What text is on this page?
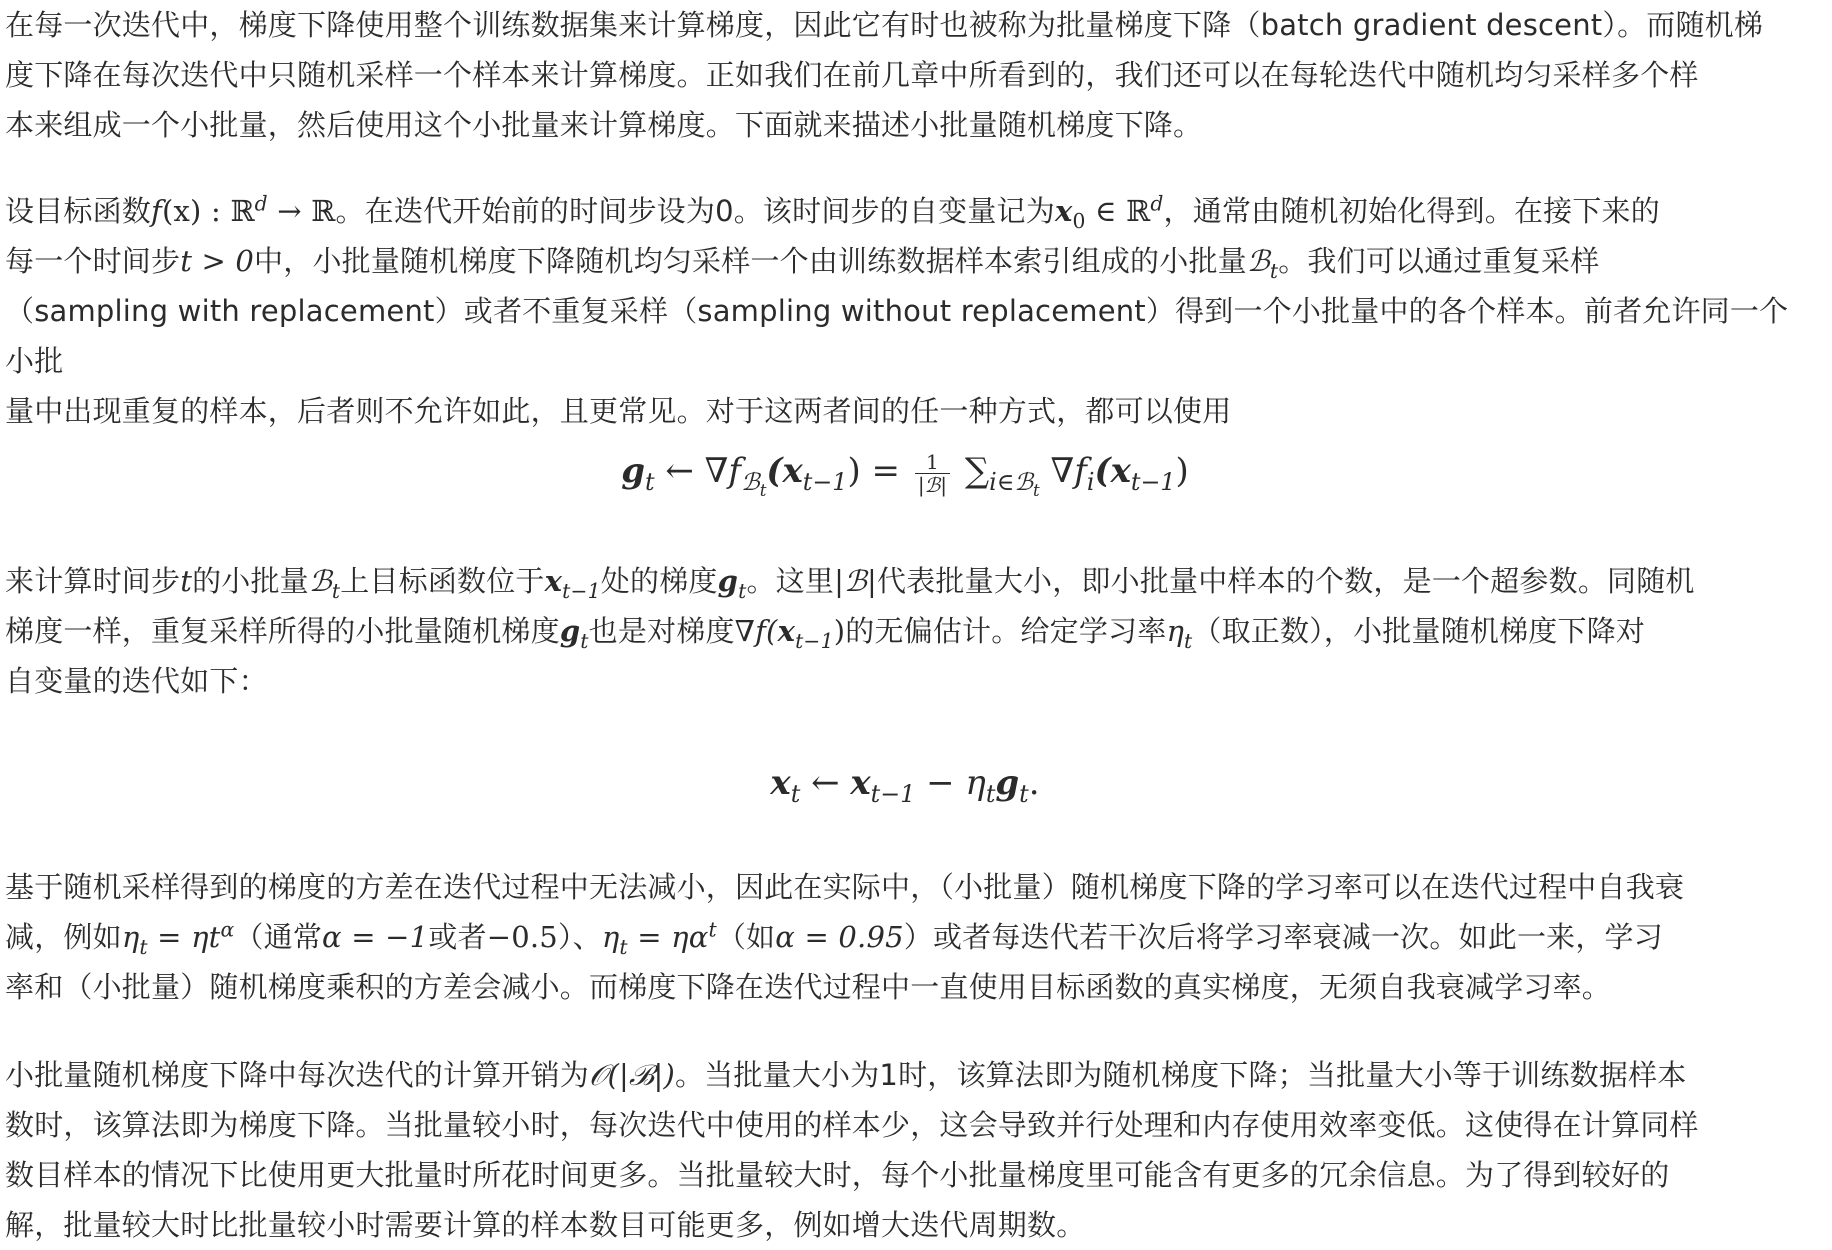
在每一次迭代中，梯度下降使用整个训练数据集来计算梯度，因此它有时也被称为批量梯度下降（batch gradient descent）。而随机梯
度下降在每次迭代中只随机采样一个样本来计算梯度。正如我们在前几章中所看到的，我们还可以在每轮迭代中随机均匀采样多个样
本来组成一个小批量，然后使用这个小批量来计算梯度。下面就来描述小批量随机梯度下降。

设目标函数f(x) : ℝ$^d$ → ℝ。在迭代开始前的时间步设为0。该时间步的自变量记为$x_0$ ∈ ℝ$^d$，通常由随机初始化得到。在接下来的
每一个时间步t > 0中，小批量随机梯度下降随机均匀采样一个由训练数据样本索引组成的小批量ℬ$_t$。我们可以通过重复采样
（sampling with replacement）或者不重复采样（sampling without replacement）得到一个小批量中的各个样本。前者允许同一个小批
量中出现重复的样本，后者则不允许如此，且更常见。对于这两者间的任一种方式，都可以使用

$g_t$ ← $\nabla f_{ℬ_t}(x_{t-1}) = \frac{1}{\text{|ℬ|}} \sum_{i\in ℬ_t}$ $\nabla f_i(x_{t-1})$

来计算时间步t的小批量ℬ$_t$上目标函数位于$x_{t-1}$处的梯度$g_t$。这里|ℬ|代表批量大小，即小批量中样本的个数，是一个超参数。同随机
梯度一样，重复采样所得的小批量随机梯度$g_t$也是对梯度$\nabla f(x_{t-1})$的无偏估计。给定学习率$\eta_t$（取正数），小批量随机梯度下降对
自变量的迭代如下：

$x_t$ ← $x_{t-1} - \eta_tg_t$.

基于随机采样得到的梯度的方差在迭代过程中无法减小，因此在实际中，（小批量）随机梯度下降的学习率可以在迭代过程中自我衰
减，例如$\eta_t = \eta t^\alpha$（通常α = −1或者−0.5）、$\eta_t = \eta\alpha^t$（如α = 0.95）或者每迭代若干次后将学习率衰减一次。如此一来，学习
率和（小批量）随机梯度乘积的方差会减小。而梯度下降在迭代过程中一直使用目标函数的真实梯度，无须自我衰减学习率。

小批量随机梯度下降中每次迭代的计算开销为𝒪(|ℬ|)。当批量大小为1时，该算法即为随机梯度下降；当批量大小等于训练数据样本
数时，该算法即为梯度下降。当批量较小时，每次迭代中使用的样本少，这会导致并行处理和内存使用效率变低。这使得在计算同样
数目样本的情况下比使用更大批量时所花时间更多。当批量较大时，每个小批量梯度里可能含有更多的冗余信息。为了得到较好的
解，批量较大时比批量较小时需要计算的样本数目可能更多，例如增大迭代周期数。
